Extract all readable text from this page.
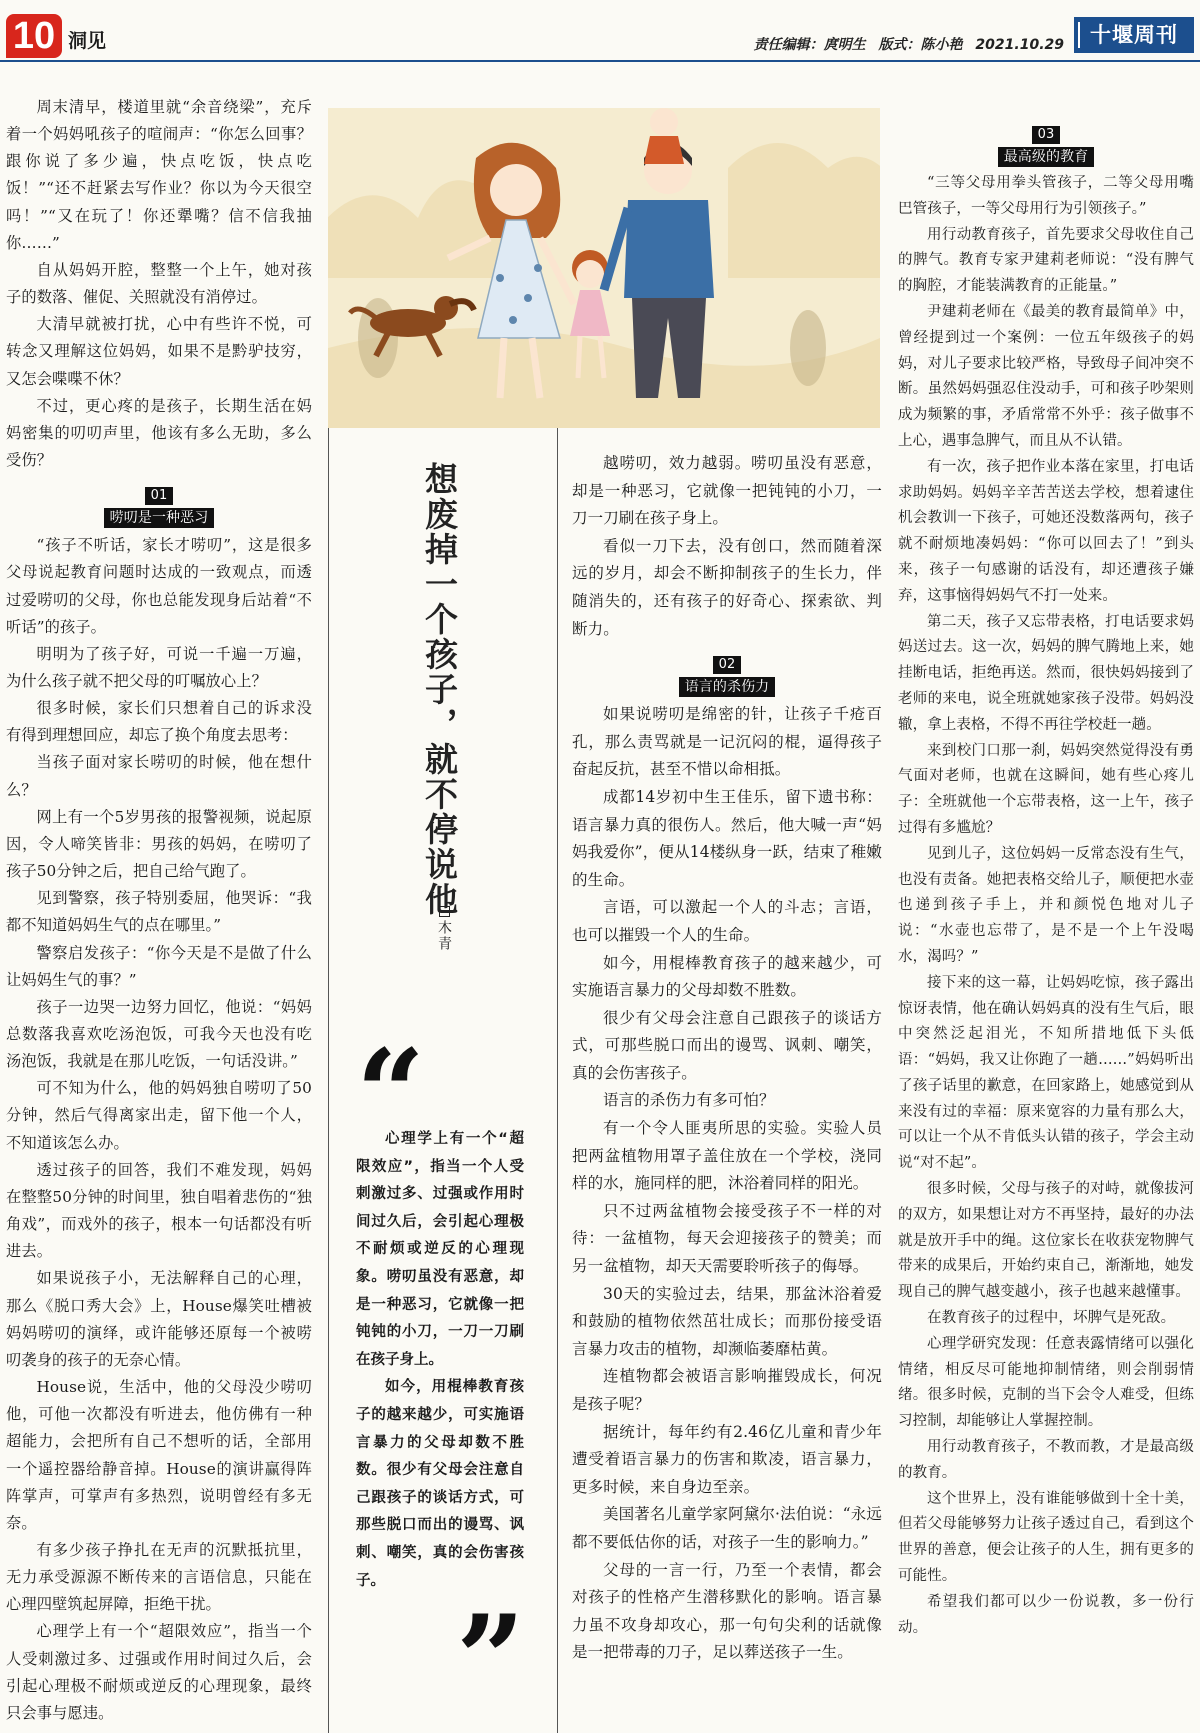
10 洞见	责任编辑：庹明生 版式：陈小艳 2021.10.29	十堰周刊

周末清早，楼道里就“余音绕梁”，充斥着一个妈妈吼孩子的喧闹声：“你怎么回事？跟你说了多少遍，快点吃饭，快点吃饭！”“还不赶紧去写作业？你以为今天很空吗！”“又在玩了！你还犟嘴？信不信我抽你……”

自从妈妈开腔，整整一个上午，她对孩子的数落、催促、关照就没有消停过。

大清早就被打扰，心中有些许不悦，可转念又理解这位妈妈，如果不是黔驴技穷，又怎会喋喋不休？

不过，更心疼的是孩子，长期生活在妈妈密集的叨叨声里，他该有多么无助，多么受伤？

01
唠叨是一种恶习

“孩子不听话，家长才唠叨”，这是很多父母说起教育问题时达成的一致观点，而透过爱唠叨的父母，你也总能发现身后站着“不听话”的孩子。

明明为了孩子好，可说一千遍一万遍，为什么孩子就不把父母的叮嘱放心上？

很多时候，家长们只想着自己的诉求没有得到理想回应，却忘了换个角度去思考：

当孩子面对家长唠叨的时候，他在想什么？

网上有一个5岁男孩的报警视频，说起原因，令人啼笑皆非：男孩的妈妈，在唠叨了孩子50分钟之后，把自己给气跑了。

见到警察，孩子特别委屈，他哭诉：“我都不知道妈妈生气的点在哪里。”

警察启发孩子：“你今天是不是做了什么让妈妈生气的事？”

孩子一边哭一边努力回忆，他说：“妈妈总数落我喜欢吃汤泡饭，可我今天也没有吃汤泡饭，我就是在那儿吃饭，一句话没讲。”

可不知为什么，他的妈妈独自唠叨了50分钟，然后气得离家出走，留下他一个人，不知道该怎么办。

透过孩子的回答，我们不难发现，妈妈在整整50分钟的时间里，独自唱着悲伤的“独角戏”，而戏外的孩子，根本一句话都没有听进去。

如果说孩子小，无法解释自己的心理，那么《脱口秀大会》上，House爆笑吐槽被妈妈唠叨的演绎，或许能够还原每一个被唠叨袭身的孩子的无奈心情。

House说，生活中，他的父母没少唠叨他，可他一次都没有听进去，他仿佛有一种超能力，会把所有自己不想听的话，全部用一个遥控器给静音掉。House的演讲赢得阵阵掌声，可掌声有多热烈，说明曾经有多无奈。

有多少孩子挣扎在无声的沉默抵抗里，无力承受源源不断传来的言语信息，只能在心理四壁筑起屏障，拒绝干扰。

心理学上有一个“超限效应”，指当一个人受刺激过多、过强或作用时间过久后，会引起心理极不耐烦或逆反的心理现象，最终只会事与愿违。

想废掉一个孩子，就不停说他
木青
“

心理学上有一个“超限效应”，指当一个人受刺激过多、过强或作用时间过久后，会引起心理极不耐烦或逆反的心理现象。唠叨虽没有恶意，却是一种恶习，它就像一把钝钝的小刀，一刀一刀刷在孩子身上。

如今，用棍棒教育孩子的越来越少，可实施语言暴力的父母却数不胜数。很少有父母会注意自己跟孩子的谈话方式，可那些脱口而出的谩骂、讽刺、嘲笑，真的会伤害孩子。

”

越唠叨，效力越弱。唠叨虽没有恶意，却是一种恶习，它就像一把钝钝的小刀，一刀一刀刷在孩子身上。

看似一刀下去，没有创口，然而随着深远的岁月，却会不断抑制孩子的生长力，伴随消失的，还有孩子的好奇心、探索欲、判断力。

02
语言的杀伤力

如果说唠叨是绵密的针，让孩子千疮百孔，那么责骂就是一记沉闷的棍，逼得孩子奋起反抗，甚至不惜以命相抵。

成都14岁初中生王佳乐，留下遗书称：语言暴力真的很伤人。然后，他大喊一声“妈妈我爱你”，便从14楼纵身一跃，结束了稚嫩的生命。

言语，可以激起一个人的斗志；言语，也可以摧毁一个人的生命。

如今，用棍棒教育孩子的越来越少，可实施语言暴力的父母却数不胜数。

很少有父母会注意自己跟孩子的谈话方式，可那些脱口而出的谩骂、讽刺、嘲笑，真的会伤害孩子。

语言的杀伤力有多可怕？

有一个令人匪夷所思的实验。实验人员把两盆植物用罩子盖住放在一个学校，浇同样的水，施同样的肥，沐浴着同样的阳光。

只不过两盆植物会接受孩子不一样的对待：一盆植物，每天会迎接孩子的赞美；而另一盆植物，却天天需要聆听孩子的侮辱。

30天的实验过去，结果，那盆沐浴着爱和鼓励的植物依然茁壮成长；而那份接受语言暴力攻击的植物，却濒临萎靡枯黄。

连植物都会被语言影响摧毁成长，何况是孩子呢？

据统计，每年约有2.46亿儿童和青少年遭受着语言暴力的伤害和欺凌，语言暴力，更多时候，来自身边至亲。

美国著名儿童学家阿黛尔·法伯说：“永远都不要低估你的话，对孩子一生的影响力。”

父母的一言一行，乃至一个表情，都会对孩子的性格产生潜移默化的影响。语言暴力虽不攻身却攻心，那一句句尖利的话就像是一把带毒的刀子，足以葬送孩子一生。

03
最高级的教育

“三等父母用拳头管孩子，二等父母用嘴巴管孩子，一等父母用行为引领孩子。”

用行动教育孩子，首先要求父母收住自己的脾气。教育专家尹建莉老师说：“没有脾气的胸腔，才能装满教育的正能量。”

尹建莉老师在《最美的教育最简单》中，曾经提到过一个案例：一位五年级孩子的妈妈，对儿子要求比较严格，导致母子间冲突不断。虽然妈妈强忍住没动手，可和孩子吵架则成为频繁的事，矛盾常常不外乎：孩子做事不上心，遇事急脾气，而且从不认错。

有一次，孩子把作业本落在家里，打电话求助妈妈。妈妈辛辛苦苦送去学校，想着逮住机会教训一下孩子，可她还没数落两句，孩子就不耐烦地凑妈妈：“你可以回去了！”到头来，孩子一句感谢的话没有，却还遭孩子嫌弃，这事恼得妈妈气不打一处来。

第二天，孩子又忘带表格，打电话要求妈妈送过去。这一次，妈妈的脾气腾地上来，她挂断电话，拒绝再送。然而，很快妈妈接到了老师的来电，说全班就她家孩子没带。妈妈没辙，拿上表格，不得不再往学校赶一趟。

来到校门口那一刹，妈妈突然觉得没有勇气面对老师，也就在这瞬间，她有些心疼儿子：全班就他一个忘带表格，这一上午，孩子过得有多尴尬？

见到儿子，这位妈妈一反常态没有生气，也没有责备。她把表格交给儿子，顺便把水壶也递到孩子手上，并和颜悦色地对儿子说：“水壶也忘带了，是不是一个上午没喝水，渴吗？”

接下来的这一幕，让妈妈吃惊，孩子露出惊讶表情，他在确认妈妈真的没有生气后，眼中突然泛起泪光，不知所措地低下头低语：“妈妈，我又让你跑了一趟……”妈妈听出了孩子话里的歉意，在回家路上，她感觉到从来没有过的幸福：原来宽容的力量有那么大，可以让一个从不肯低头认错的孩子，学会主动说“对不起”。

很多时候，父母与孩子的对峙，就像拔河的双方，如果想让对方不再坚持，最好的办法就是放开手中的绳。这位家长在收获宠物脾气带来的成果后，开始约束自己，渐渐地，她发现自己的脾气越变越小，孩子也越来越懂事。

在教育孩子的过程中，坏脾气是死敌。

心理学研究发现：任意表露情绪可以强化情绪，相反尽可能地抑制情绪，则会削弱情绪。很多时候，克制的当下会令人难受，但练习控制，却能够让人掌握控制。

用行动教育孩子，不教而教，才是最高级的教育。

这个世界上，没有谁能够做到十全十美，但若父母能够努力让孩子透过自己，看到这个世界的善意，便会让孩子的人生，拥有更多的可能性。

希望我们都可以少一份说教，多一份行动。
